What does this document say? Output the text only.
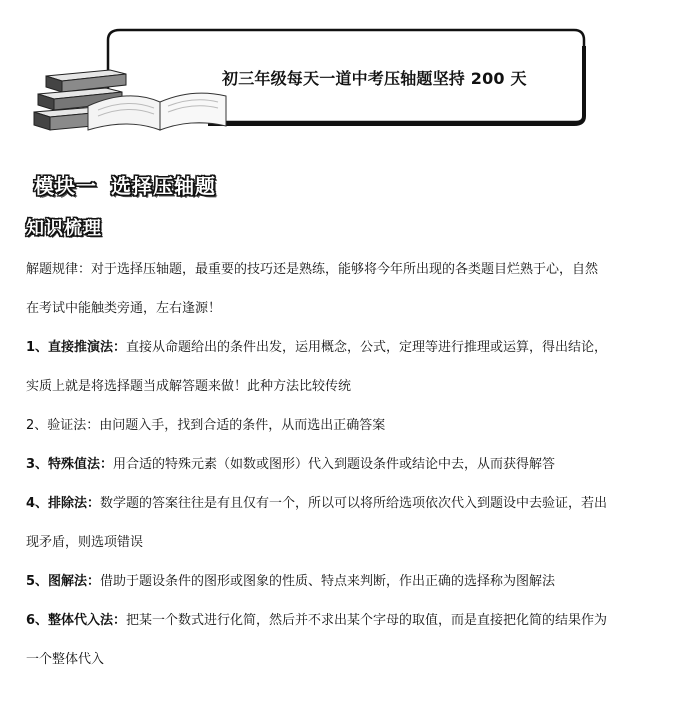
初三年级每天一道中考压轴题坚持 200 天
模块一 选择压轴题
知识梳理

解题规律：对于选择压轴题，最重要的技巧还是熟练，能够将今年所出现的各类题目烂熟于心，自然

在考试中能触类旁通，左右逢源！

1、直接推演法：直接从命题给出的条件出发，运用概念，公式，定理等进行推理或运算，得出结论，

实质上就是将选择题当成解答题来做！此种方法比较传统

2、验证法：由问题入手，找到合适的条件，从而选出正确答案

3、特殊值法：用合适的特殊元素（如数或图形）代入到题设条件或结论中去，从而获得解答

4、排除法：数学题的答案往往是有且仅有一个，所以可以将所给选项依次代入到题设中去验证，若出

现矛盾，则选项错误

5、图解法：借助于题设条件的图形或图象的性质、特点来判断，作出正确的选择称为图解法

6、整体代入法：把某一个数式进行化简，然后并不求出某个字母的取值，而是直接把化简的结果作为

一个整体代入
